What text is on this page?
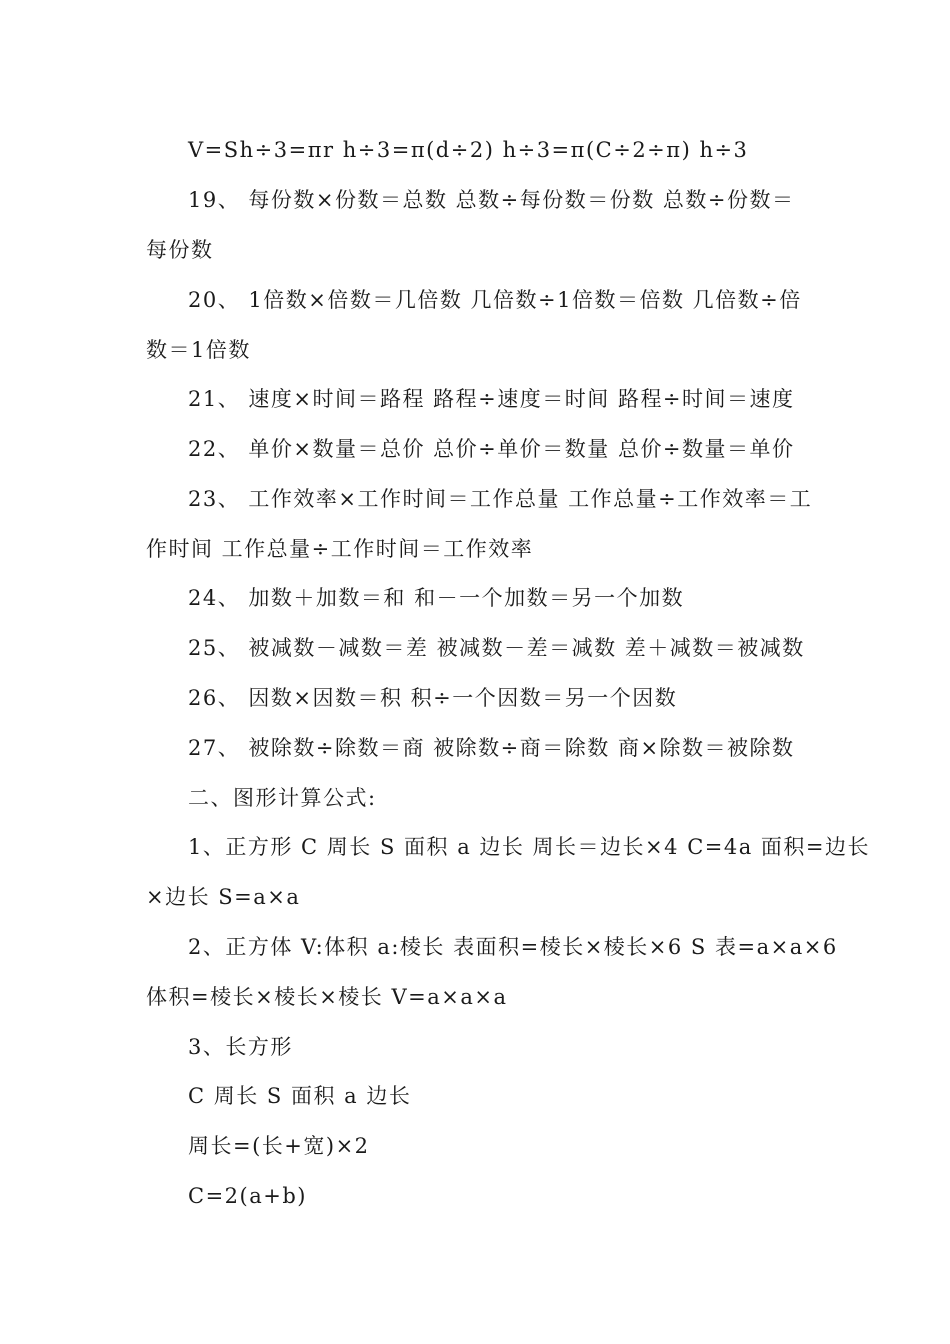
V=Sh÷3=πr h÷3=π(d÷2) h÷3=π(C÷2÷π) h÷3
19、 每份数×份数＝总数 总数÷每份数＝份数 总数÷份数＝
每份数
20、 1倍数×倍数＝几倍数 几倍数÷1倍数＝倍数 几倍数÷倍
数＝1倍数
21、 速度×时间＝路程 路程÷速度＝时间 路程÷时间＝速度
22、 单价×数量＝总价 总价÷单价＝数量 总价÷数量＝单价
23、 工作效率×工作时间＝工作总量 工作总量÷工作效率＝工
作时间 工作总量÷工作时间＝工作效率
24、 加数＋加数＝和 和－一个加数＝另一个加数
25、 被减数－减数＝差 被减数－差＝减数 差＋减数＝被减数
26、 因数×因数＝积 积÷一个因数＝另一个因数
27、 被除数÷除数＝商 被除数÷商＝除数 商×除数＝被除数
二、图形计算公式:
1、正方形 C 周长 S 面积 a 边长 周长＝边长×4 C=4a 面积=边长
×边长 S=a×a
2、正方体 V:体积 a:棱长 表面积=棱长×棱长×6 S 表=a×a×6
体积=棱长×棱长×棱长 V=a×a×a
3、长方形
C 周长 S 面积 a 边长
周长=(长+宽)×2
C=2(a+b)
